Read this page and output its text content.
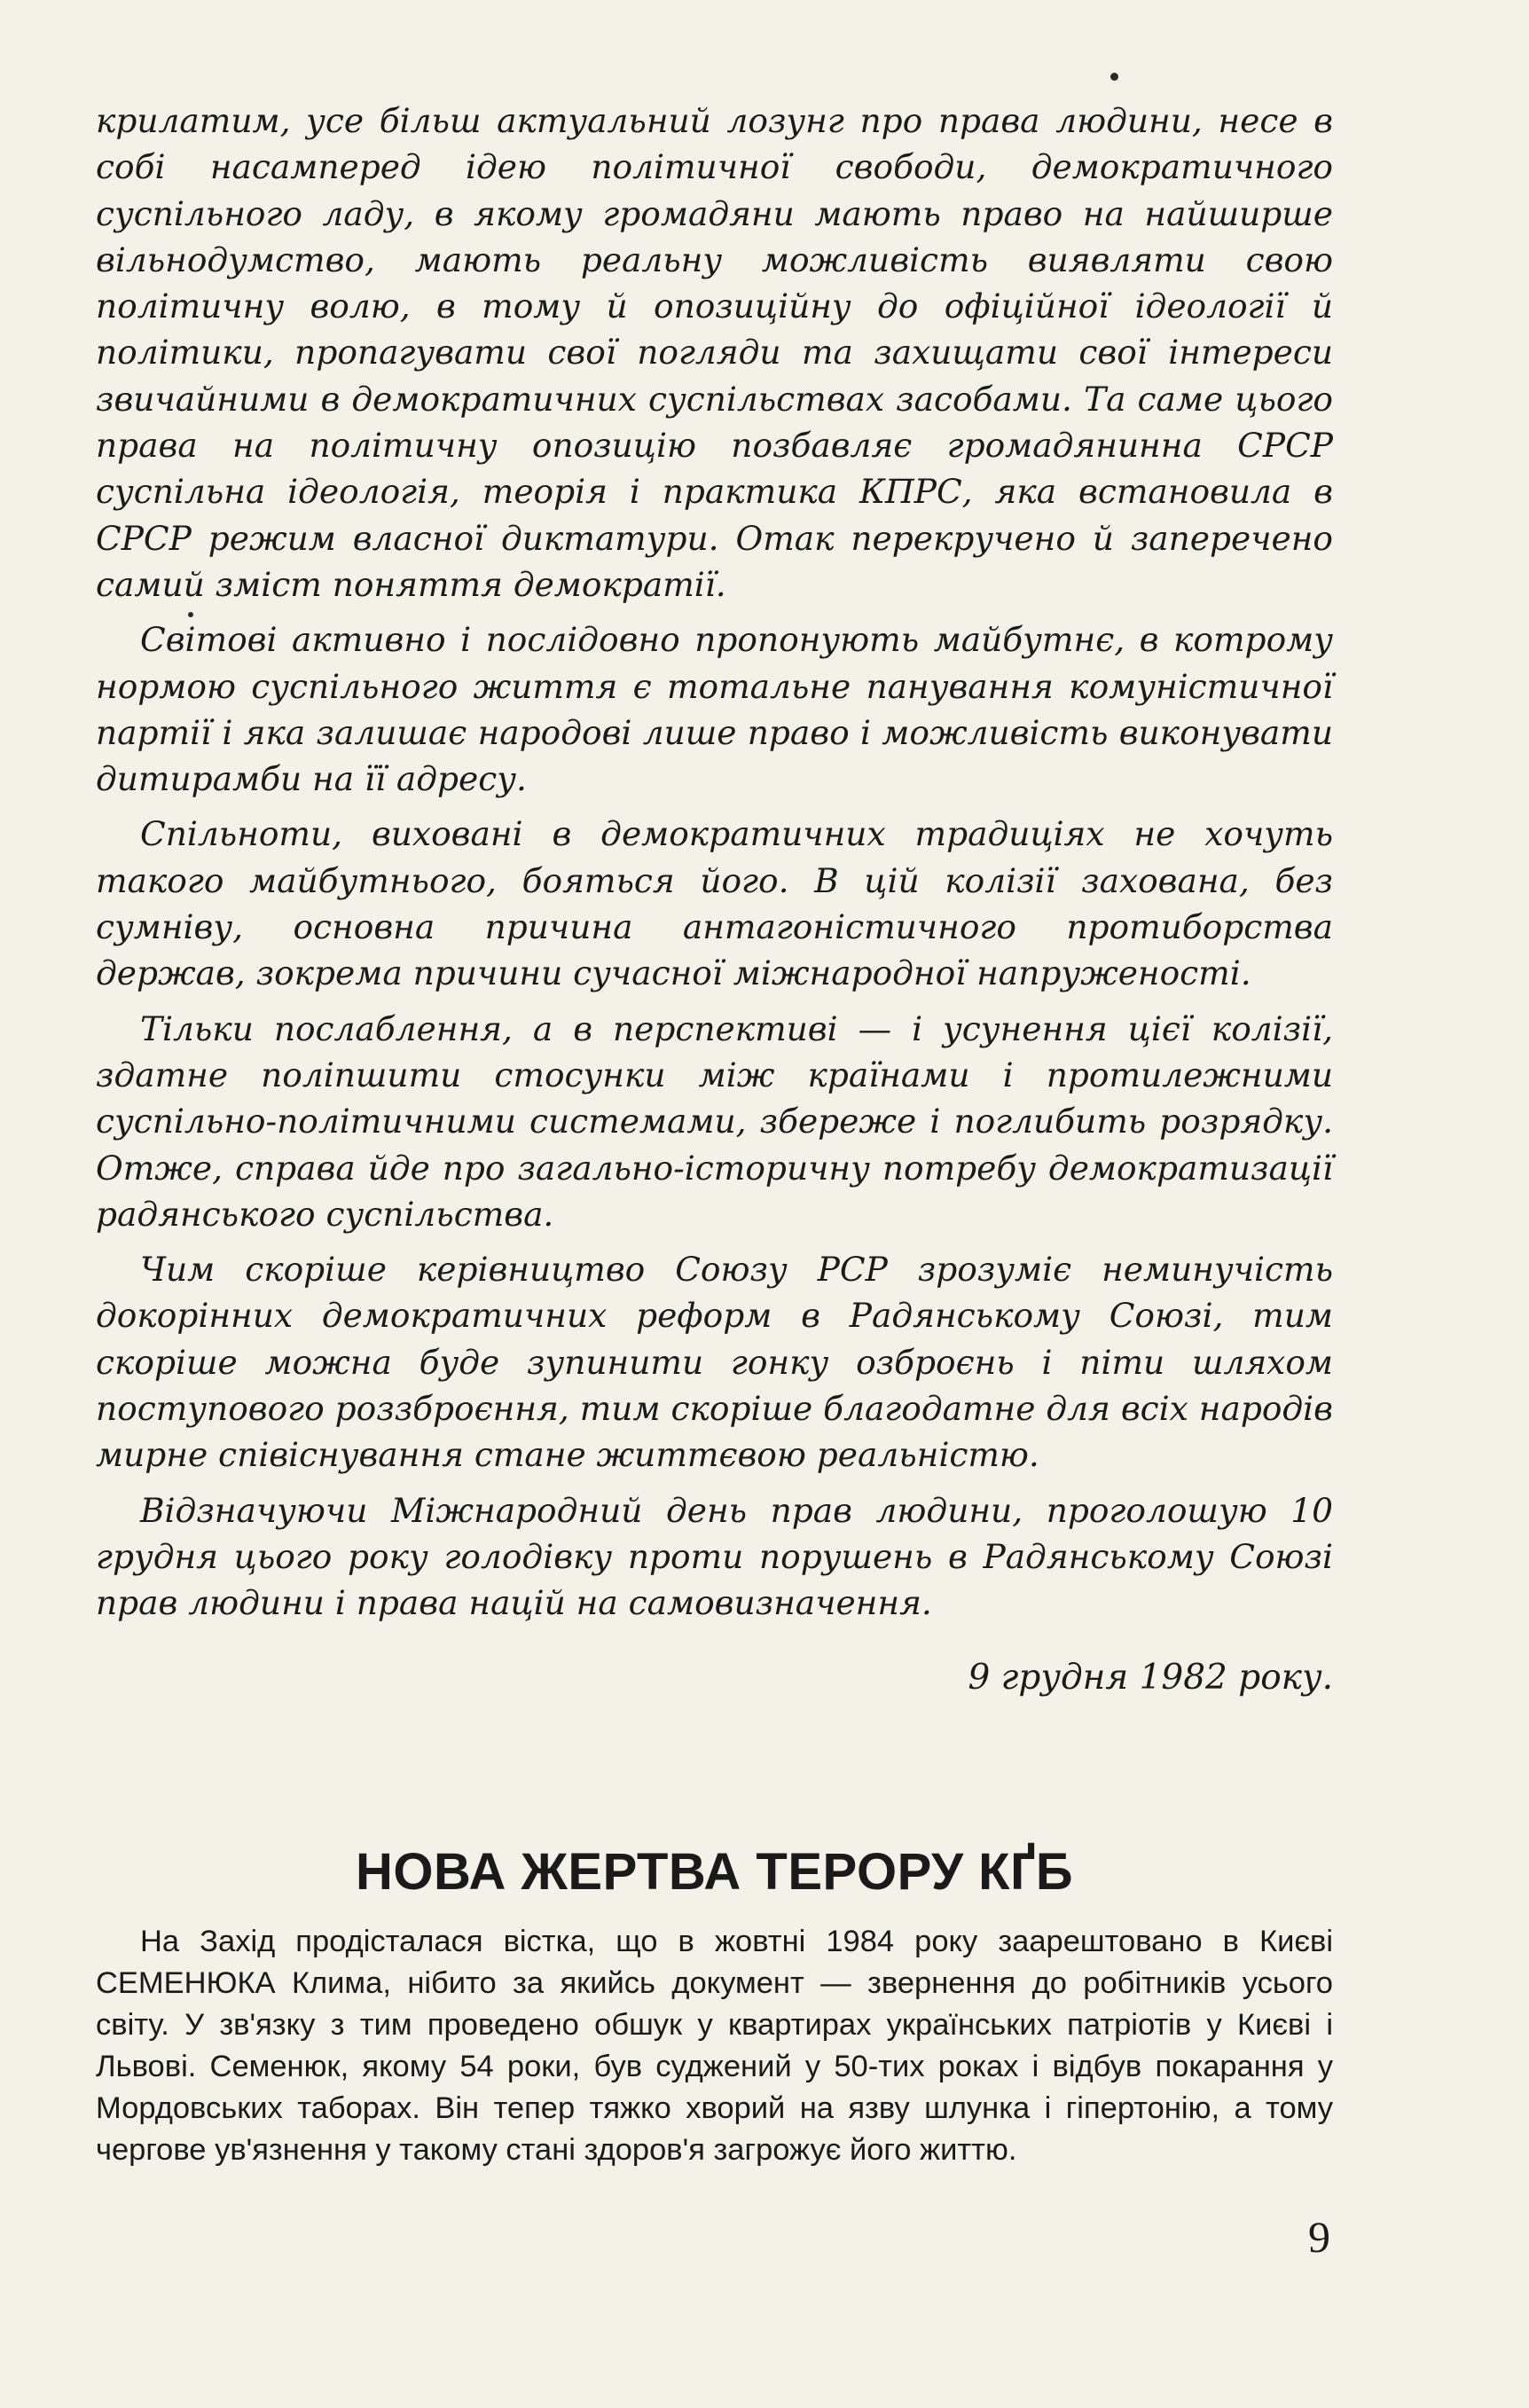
крилатим, усе більш актуальний лозунг про права людини, несе в собі насамперед ідею політичної свободи, демократичного суспільного ладу, в якому громадяни мають право на найширше вільнодумство, мають реальну можливість виявляти свою політичну волю, в тому й опозиційну до офіційної ідеології й політики, пропагувати свої погляди та захищати свої інтереси звичайними в демократичних суспільствах засобами. Та саме цього права на політичну опозицію позбавляє громадянинна СРСР суспільна ідеологія, теорія і практика КПРС, яка встановила в СРСР режим власної диктатури. Отак перекручено й заперечено самий зміст поняття демократії.

Світові активно і послідовно пропонують майбутнє, в котрому нормою суспільного життя є тотальне панування комуністичної партії і яка залишає народові лише право і можливість виконувати дитирамби на її адресу.

Спільноти, виховані в демократичних традиціях не хочуть такого майбутнього, бояться його. В цій колізії захована, без сумніву, основна причина антагоністичного протиборства держав, зокрема причини сучасної міжнародної напруженості.

Тільки послаблення, а в перспективі — і усунення цієї колізії, здатне поліпшити стосунки між країнами і протилежними суспільно-політичними системами, збереже і поглибить розрядку. Отже, справа йде про загально-історичну потребу демократизації радянського суспільства.

Чим скоріше керівництво Союзу РСР зрозуміє неминучість докорінних демократичних реформ в Радянському Союзі, тим скоріше можна буде зупинити гонку озброєнь і піти шляхом поступового роззброєння, тим скоріше благодатне для всіх народів мирне співіснування стане життєвою реальністю.

Відзначуючи Міжнародний день прав людини, проголошую 10 грудня цього року голодівку проти порушень в Радянському Союзі прав людини і права націй на самовизначення.

9 грудня 1982 року.
НОВА ЖЕРТВА ТЕРОРУ КҐБ

На Захід продісталася вістка, що в жовтні 1984 року заарештовано в Києві СЕМЕНЮКА Клима, нібито за якийсь документ — звернення до робітників усього світу. У зв'язку з тим проведено обшук у квартирах українських патріотів у Києві і Львові. Семенюк, якому 54 роки, був суджений у 50-тих роках і відбув покарання у Мордовських таборах. Він тепер тяжко хворий на язву шлунка і гіпертонію, а тому чергове ув'язнення у такому стані здоров'я загрожує його життю.

9
